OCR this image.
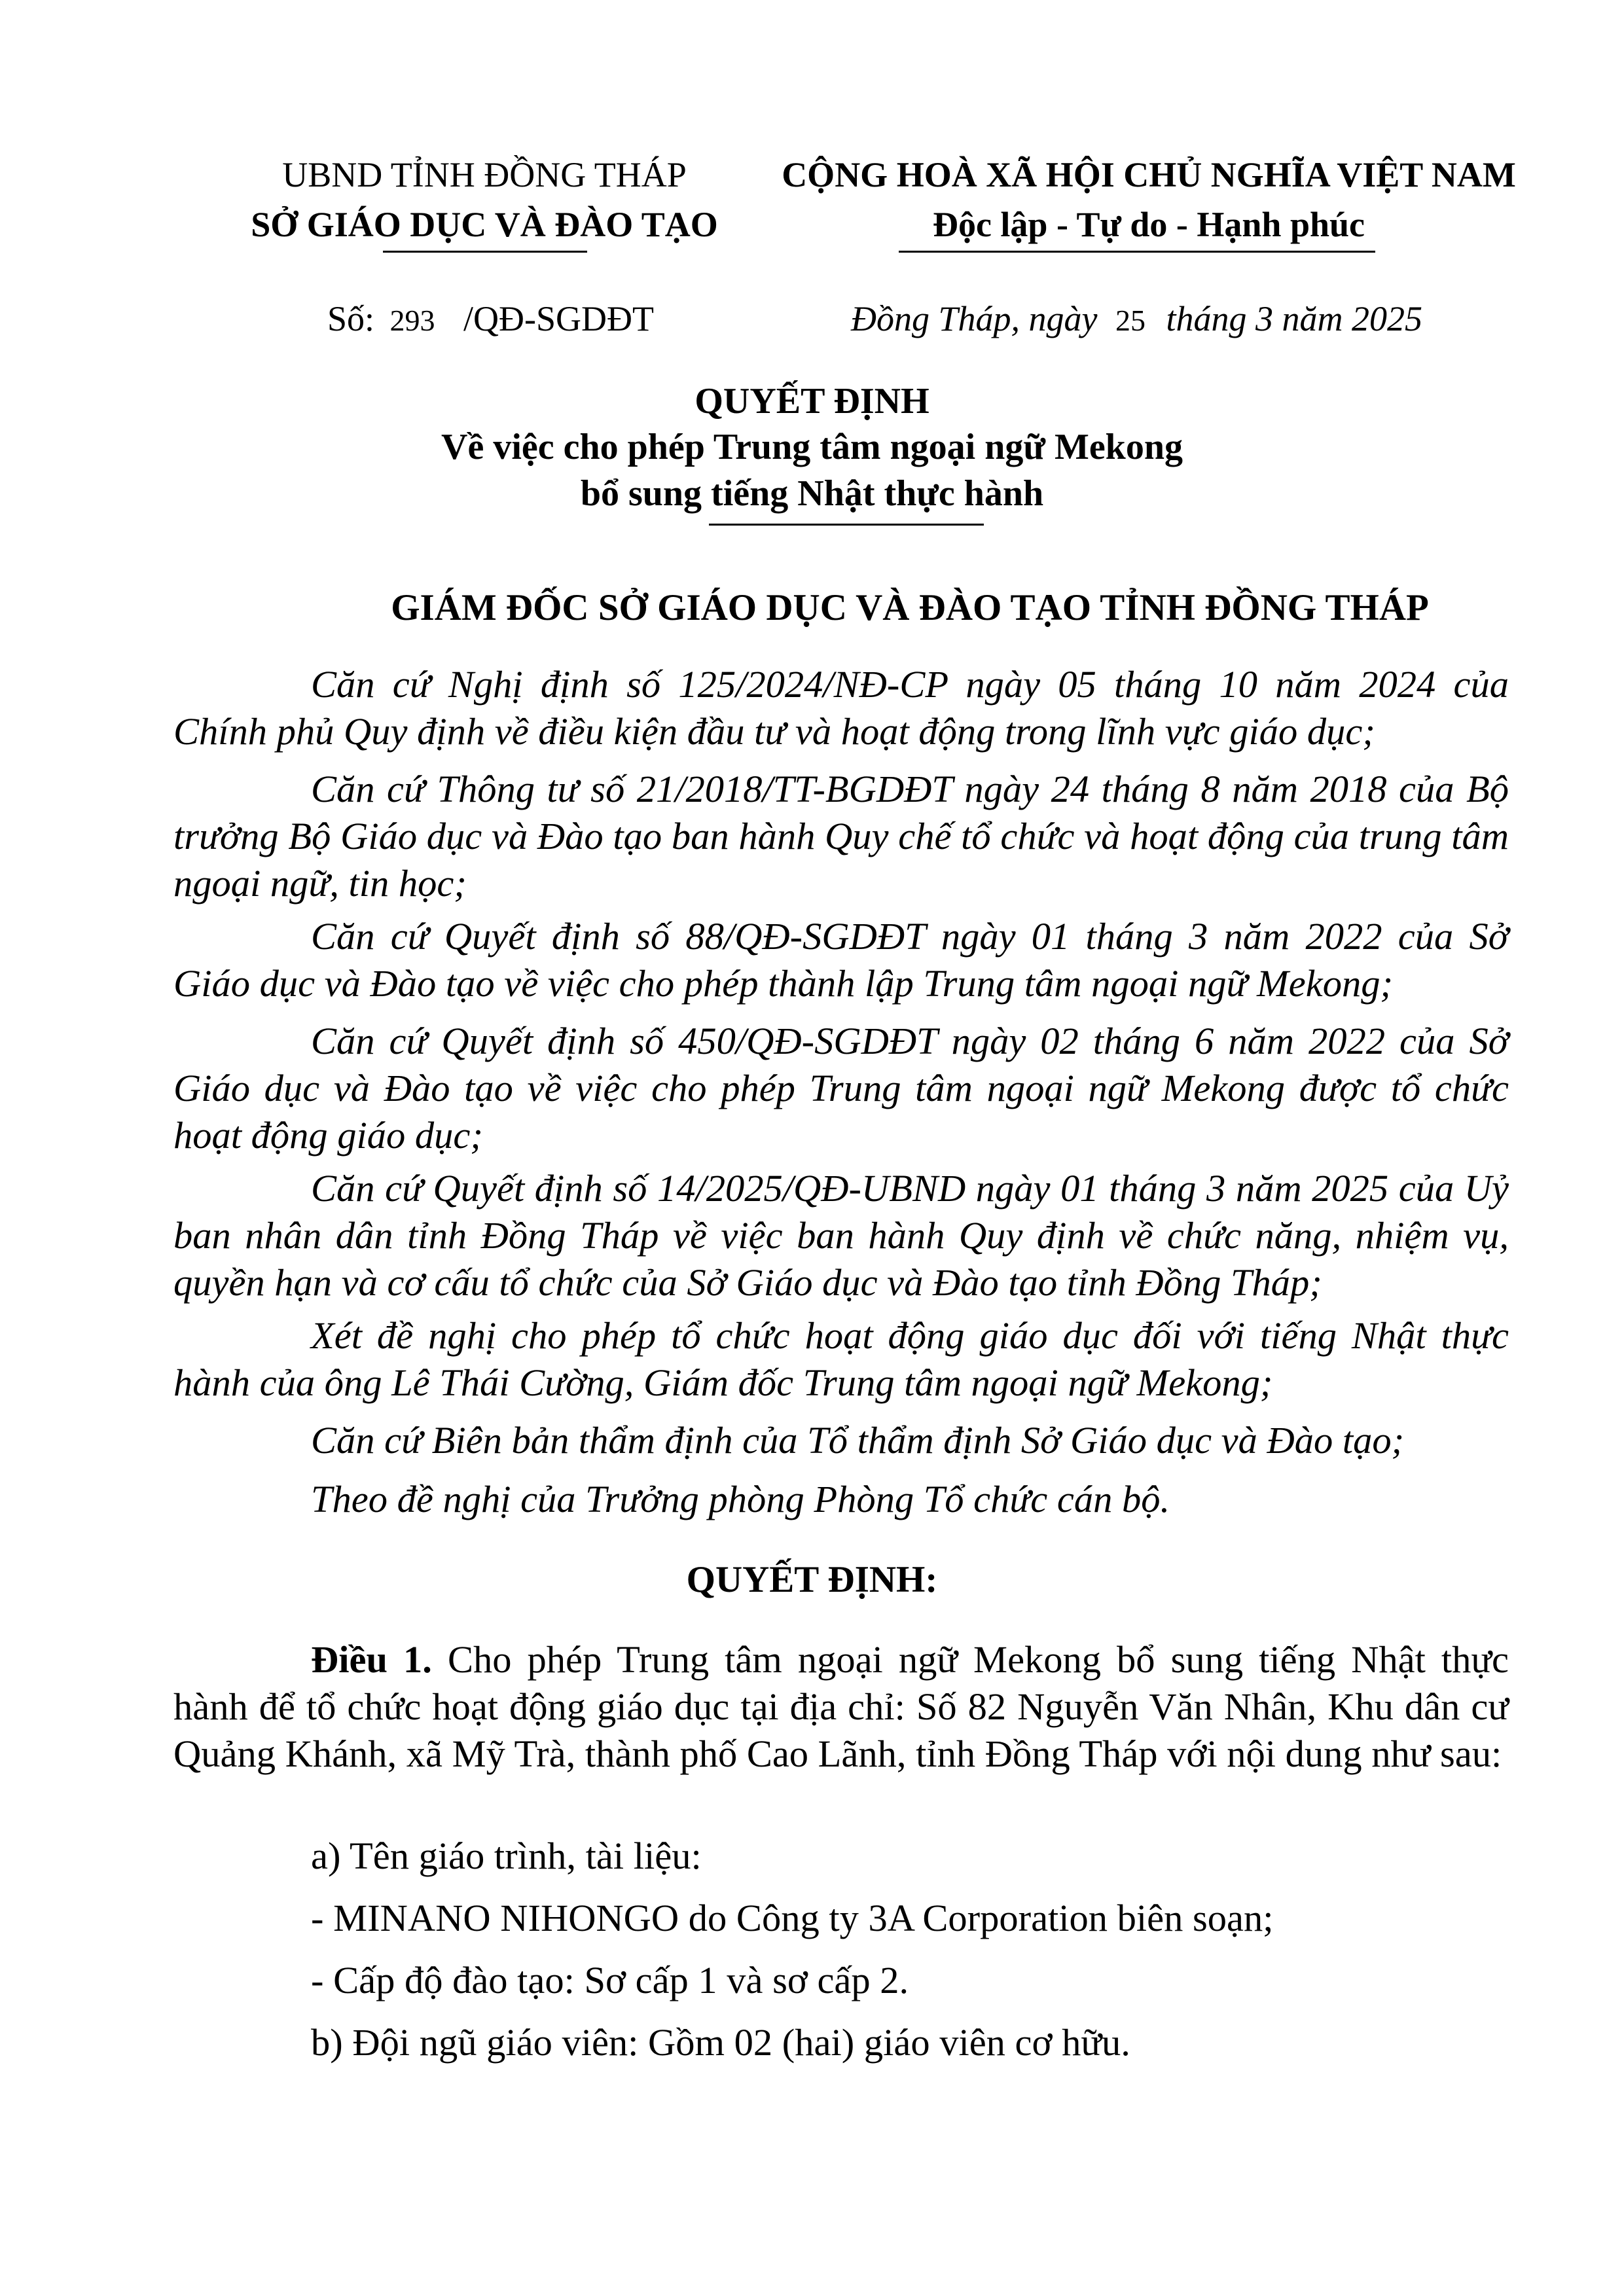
UBND TỈNH ĐỒNG THÁP
SỞ GIÁO DỤC VÀ ĐÀO TẠO
CỘNG HOÀ XÃ HỘI CHỦ NGHĨA VIỆT NAM
Độc lập - Tự do - Hạnh phúc
Số: 293 /QĐ-SGDĐT	Đồng Tháp, ngày 25 tháng 3 năm 2025
QUYẾT ĐỊNH
Về việc cho phép Trung tâm ngoại ngữ Mekong
bổ sung tiếng Nhật thực hành
GIÁM ĐỐC SỞ GIÁO DỤC VÀ ĐÀO TẠO TỈNH ĐỒNG THÁP
Căn cứ Nghị định số 125/2024/NĐ-CP ngày 05 tháng 10 năm 2024 của Chính phủ Quy định về điều kiện đầu tư và hoạt động trong lĩnh vực giáo dục;
Căn cứ Thông tư số 21/2018/TT-BGDĐT ngày 24 tháng 8 năm 2018 của Bộ trưởng Bộ Giáo dục và Đào tạo ban hành Quy chế tổ chức và hoạt động của trung tâm ngoại ngữ, tin học;
Căn cứ Quyết định số 88/QĐ-SGDĐT ngày 01 tháng 3 năm 2022 của Sở Giáo dục và Đào tạo về việc cho phép thành lập Trung tâm ngoại ngữ Mekong;
Căn cứ Quyết định số 450/QĐ-SGDĐT ngày 02 tháng 6 năm 2022 của Sở Giáo dục và Đào tạo về việc cho phép Trung tâm ngoại ngữ Mekong được tổ chức hoạt động giáo dục;
Căn cứ Quyết định số 14/2025/QĐ-UBND ngày 01 tháng 3 năm 2025 của Uỷ ban nhân dân tỉnh Đồng Tháp về việc ban hành Quy định về chức năng, nhiệm vụ, quyền hạn và cơ cấu tổ chức của Sở Giáo dục và Đào tạo tỉnh Đồng Tháp;
Xét đề nghị cho phép tổ chức hoạt động giáo dục đối với tiếng Nhật thực hành của ông Lê Thái Cường, Giám đốc Trung tâm ngoại ngữ Mekong;
Căn cứ Biên bản thẩm định của Tổ thẩm định Sở Giáo dục và Đào tạo;
Theo đề nghị của Trưởng phòng Phòng Tổ chức cán bộ.
QUYẾT ĐỊNH:
Điều 1. Cho phép Trung tâm ngoại ngữ Mekong bổ sung tiếng Nhật thực hành để tổ chức hoạt động giáo dục tại địa chỉ: Số 82 Nguyễn Văn Nhân, Khu dân cư Quảng Khánh, xã Mỹ Trà, thành phố Cao Lãnh, tỉnh Đồng Tháp với nội dung như sau:
a) Tên giáo trình, tài liệu:
- MINANO NIHONGO do Công ty 3A Corporation biên soạn;
- Cấp độ đào tạo: Sơ cấp 1 và sơ cấp 2.
b) Đội ngũ giáo viên: Gồm 02 (hai) giáo viên cơ hữu.
